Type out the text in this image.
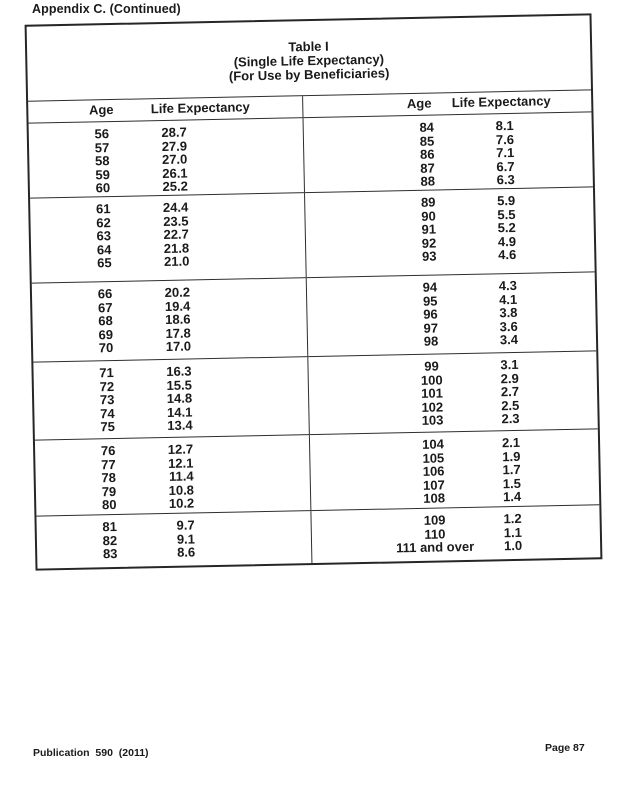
Appendix C. (Continued)
Table I
(Single Life Expectancy)
(For Use by Beneficiaries)
Age	Life Expectancy	Age	Life Expectancy
56	28.7
57	27.9
58	27.0
59	26.1
60	25.2
84	8.1
85	7.6
86	7.1
87	6.7
88	6.3
61	24.4
62	23.5
63	22.7
64	21.8
65	21.0
89	5.9
90	5.5
91	5.2
92	4.9
93	4.6
66	20.2
67	19.4
68	18.6
69	17.8
70	17.0
94	4.3
95	4.1
96	3.8
97	3.6
98	3.4
71	16.3
72	15.5
73	14.8
74	14.1
75	13.4
99	3.1
100	2.9
101	2.7
102	2.5
103	2.3
76	12.7
77	12.1
78	11.4
79	10.8
80	10.2
104	2.1
105	1.9
106	1.7
107	1.5
108	1.4
81	9.7
82	9.1
83	8.6
109	1.2
110	1.1
111 and over	1.0
Publication  590  (2011)	Page 87
